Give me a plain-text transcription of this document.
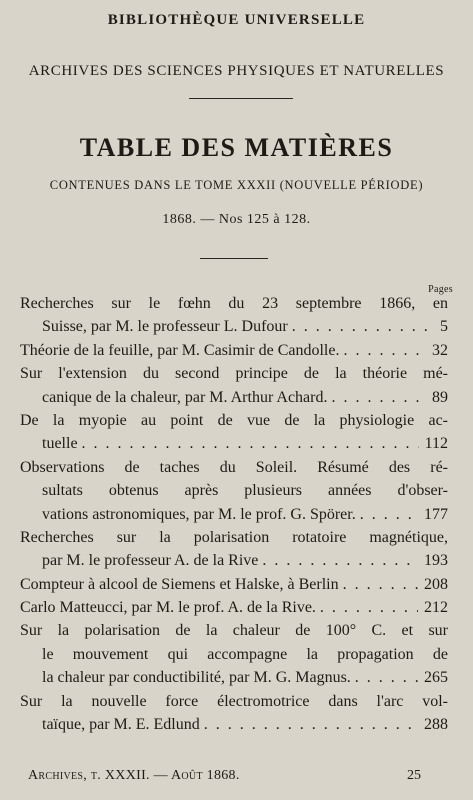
BIBLIOTHÈQUE UNIVERSELLE
ARCHIVES DES SCIENCES PHYSIQUES ET NATURELLES
TABLE DES MATIÈRES
CONTENUES DANS LE TOME XXXII (NOUVELLE PÉRIODE)
1868. — Nos 125 à 128.
Pages
Recherches sur le fœhn du 23 septembre 1866, en
Suisse, par M. le professeur L. Dufour . . .	5
Théorie de la feuille, par M. Casimir de Candolle. . . .	32
Sur l'extension du second principe de la théorie mé-
canique de la chaleur, par M. Arthur Achard. . . .	89
De la myopie au point de vue de la physiologie ac-
tuelle . . .	112
Observations de taches du Soleil. Résumé des ré-
sultats obtenus après plusieurs années d'obser-
vations astronomiques, par M. le prof. G. Spörer. . . .	177
Recherches sur la polarisation rotatoire magnétique,
par M. le professeur A. de la Rive . . .	193
Compteur à alcool de Siemens et Halske, à Berlin . . .	208
Carlo Matteucci, par M. le prof. A. de la Rive. . . .	212
Sur la polarisation de la chaleur de 100° C. et sur
le mouvement qui accompagne la propagation de
la chaleur par conductibilité, par M. G. Magnus. . . .	265
Sur la nouvelle force électromotrice dans l'arc vol-
taïque, par M. E. Edlund . . .	288
Archives, t. XXXII. — Août 1868.	25
